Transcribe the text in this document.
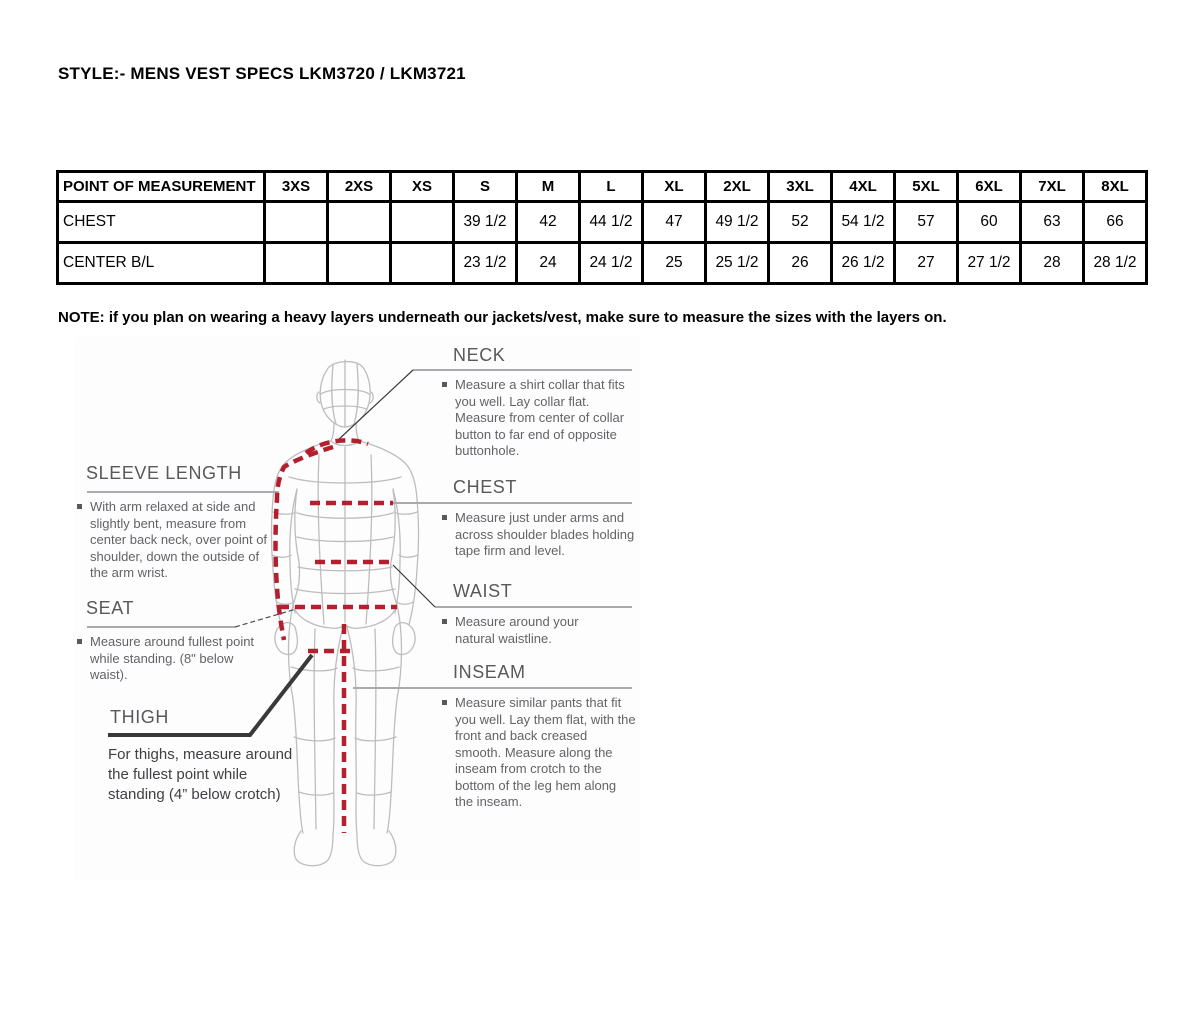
STYLE:- MENS VEST SPECS LKM3720 / LKM3721
POINT OF MEASUREMENT	3XS	2XS	XS	S	M	L	XL	2XL	3XL	4XL	5XL	6XL	7XL	8XL
CHEST				39 1/2	42	44 1/2	47	49 1/2	52	54 1/2	57	60	63	66
CENTER B/L				23 1/2	24	24 1/2	25	25 1/2	26	26 1/2	27	27 1/2	28	28 1/2
NOTE: if you plan on wearing a heavy layers underneath our jackets/vest, make sure to measure the sizes with the layers on.
NECK
Measure a shirt collar that fits you well. Lay collar flat. Measure from center of collar button to far end of opposite buttonhole.
CHEST
Measure just under arms and across shoulder blades holding tape firm and level.
WAIST
Measure around your natural waistline.
INSEAM
Measure similar pants that fit you well. Lay them flat, with the front and back creased smooth. Measure along the inseam from crotch to the bottom of the leg hem along the inseam.
SLEEVE LENGTH
With arm relaxed at side and slightly bent, measure from center back neck, over point of shoulder, down the outside of the arm wrist.
SEAT
Measure around fullest point while standing. (8" below waist).
THIGH
For thighs, measure around the fullest point while standing (4” below crotch)
